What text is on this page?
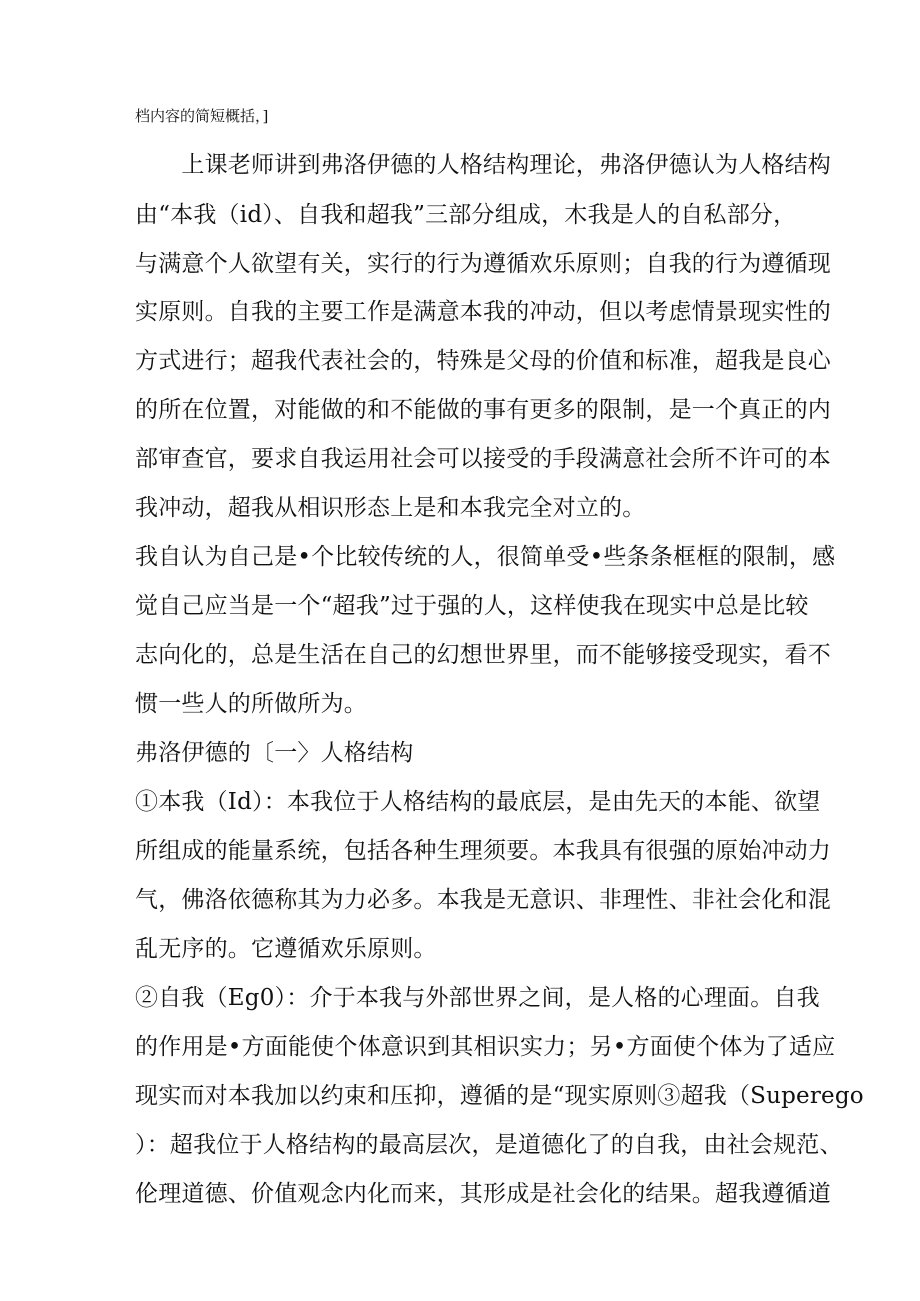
档内容的简短概括，]
　　上课老师讲到弗洛伊德的人格结构理论，弗洛伊德认为人格结构
由“本我（id）、自我和超我”三部分组成，木我是人的自私部分，
与满意个人欲望有关，实行的行为遵循欢乐原则；自我的行为遵循现
实原则。自我的主要工作是满意本我的冲动，但以考虑情景现实性的
方式进行；超我代表社会的，特殊是父母的价值和标准，超我是良心
的所在位置，对能做的和不能做的事有更多的限制，是一个真正的内
部审查官，要求自我运用社会可以接受的手段满意社会所不许可的本
我冲动，超我从相识形态上是和本我完全对立的。
我自认为自己是•个比较传统的人，很简单受•些条条框框的限制，感
觉自己应当是一个“超我”过于强的人，这样使我在现实中总是比较
志向化的，总是生活在自己的幻想世界里，而不能够接受现实，看不
惯一些人的所做所为。
弗洛伊德的〔一〉人格结构
①本我（Id）：本我位于人格结构的最底层，是由先天的本能、欲望
所组成的能量系统，包括各种生理须要。本我具有很强的原始冲动力
气，佛洛依德称其为力必多。本我是无意识、非理性、非社会化和混
乱无序的。它遵循欢乐原则。
②自我（Eg0）：介于本我与外部世界之间，是人格的心理面。自我
的作用是•方面能使个体意识到其相识实力；另•方面使个体为了适应
现实而对本我加以约束和压抑，遵循的是“现实原则③超我（Superego
）：超我位于人格结构的最高层次，是道德化了的自我，由社会规范、
伦理道德、价值观念内化而来，其形成是社会化的结果。超我遵循道
